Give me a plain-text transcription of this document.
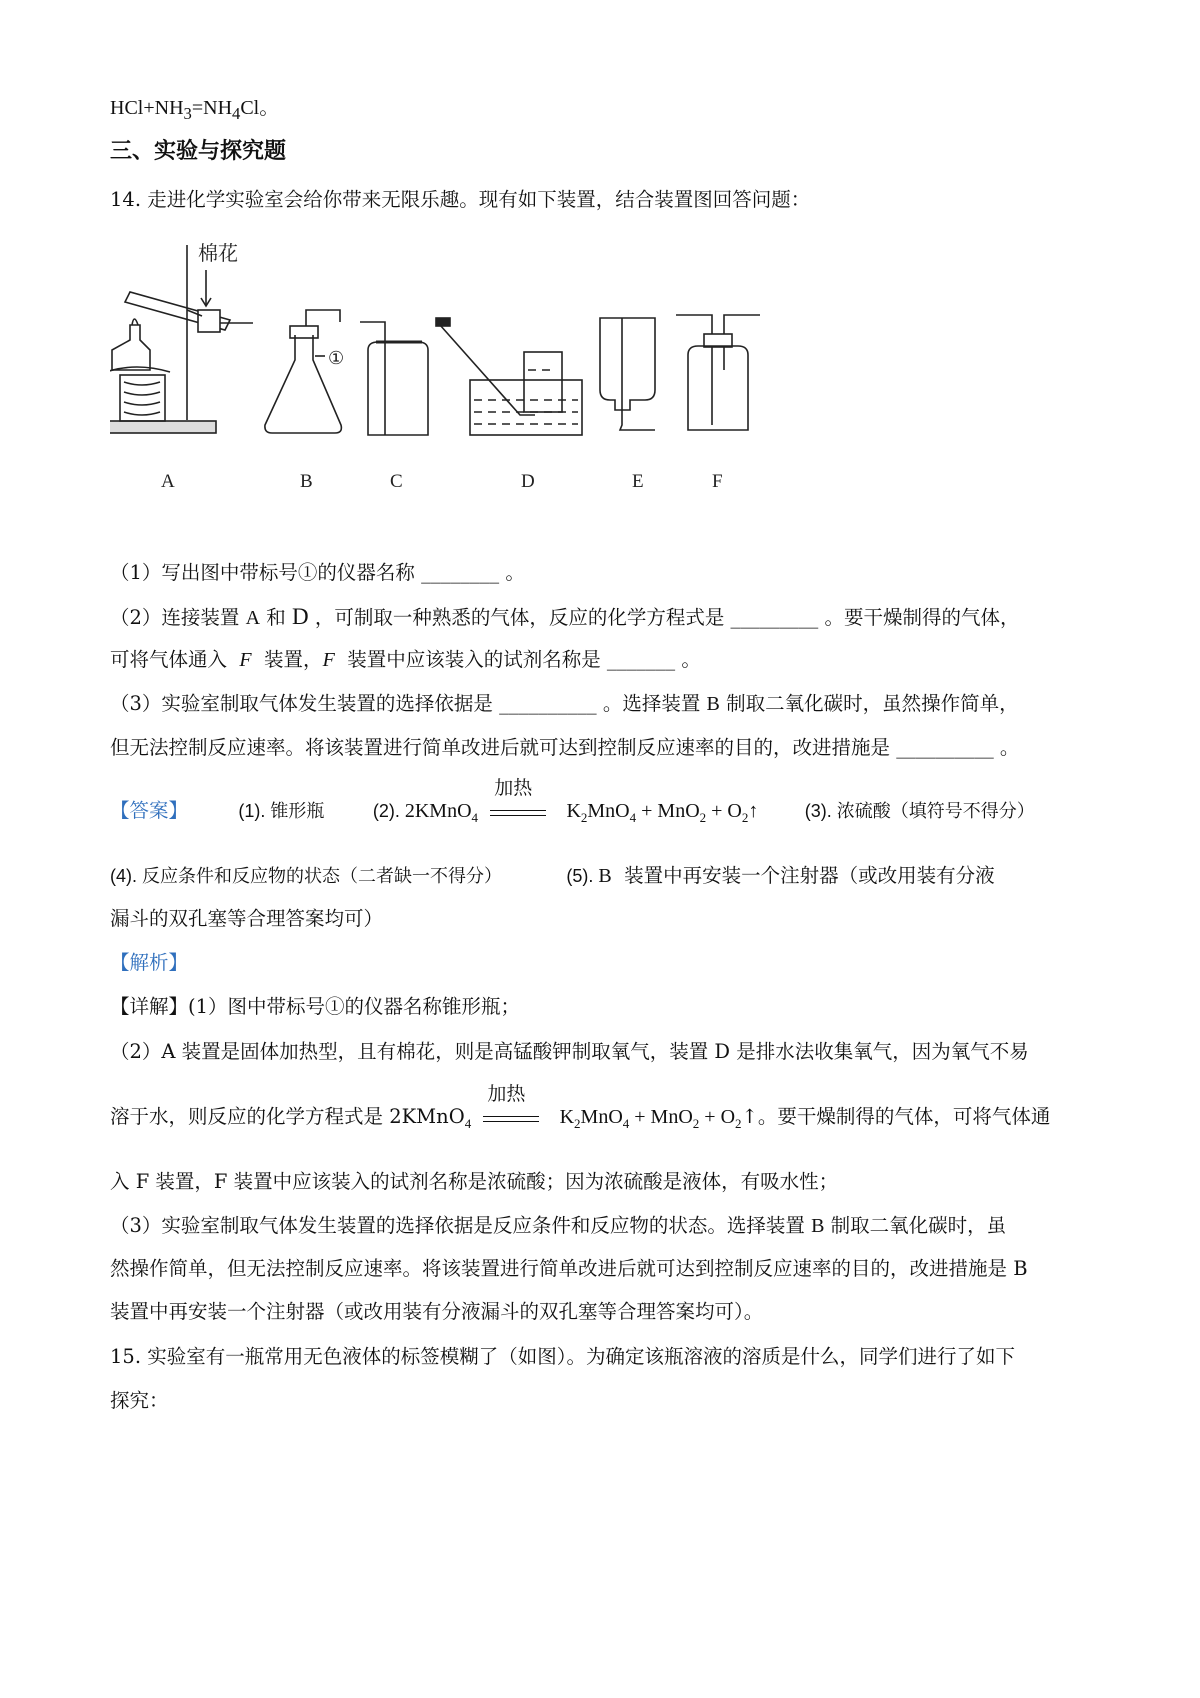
$HCl+NH_3=NH_4Cl$。
三、实验与探究题
14. 走进化学实验室会给你带来无限乐趣。现有如下装置，结合装置图回答问题：
①
棉花
A	B	C	D	E	F
（1）写出图中带标号①的仪器名称 ________ 。
（2）连接装置 A 和 D ，可制取一种熟悉的气体，反应的化学方程式是 _________ 。要干燥制得的气体，
可将气体通入 F 装置，F 装置中应该装入的试剂名称是 _______ 。
（3）实验室制取气体发生装置的选择依据是 __________ 。选择装置 B 制取二氧化碳时，虽然操作简单，
但无法控制反应速率。将该装置进行简单改进后就可达到控制反应速率的目的，改进措施是 __________ 。
【答案】	(1). 锥形瓶	(2). 2KMnO$_4$
加热
$K_2MnO_4 + MnO_2$ + $O_2↑$	(3). 浓硫酸（填符号不得分）
(4). 反应条件和反应物的状态（二者缺一不得分）	(5). B 装置中再安装一个注射器（或改用装有分液
漏斗的双孔塞等合理答案均可）
【解析】
【详解】(1）图中带标号①的仪器名称锥形瓶；
（2）A 装置是固体加热型，且有棉花，则是高锰酸钾制取氧气，装置 D 是排水法收集氧气，因为氧气不易
溶于水，则反应的化学方程式是 2KMnO$_4$
加热
$K_2MnO_4 + MnO_2$ + $O_2↑$。要干燥制得的气体，可将气体通
入 F 装置，F 装置中应该装入的试剂名称是浓硫酸；因为浓硫酸是液体，有吸水性；
（3）实验室制取气体发生装置的选择依据是反应条件和反应物的状态。选择装置 B 制取二氧化碳时，虽
然操作简单，但无法控制反应速率。将该装置进行简单改进后就可达到控制反应速率的目的，改进措施是 B
装置中再安装一个注射器（或改用装有分液漏斗的双孔塞等合理答案均可）。
15. 实验室有一瓶常用无色液体的标签模糊了（如图）。为确定该瓶溶液的溶质是什么，同学们进行了如下
探究：
